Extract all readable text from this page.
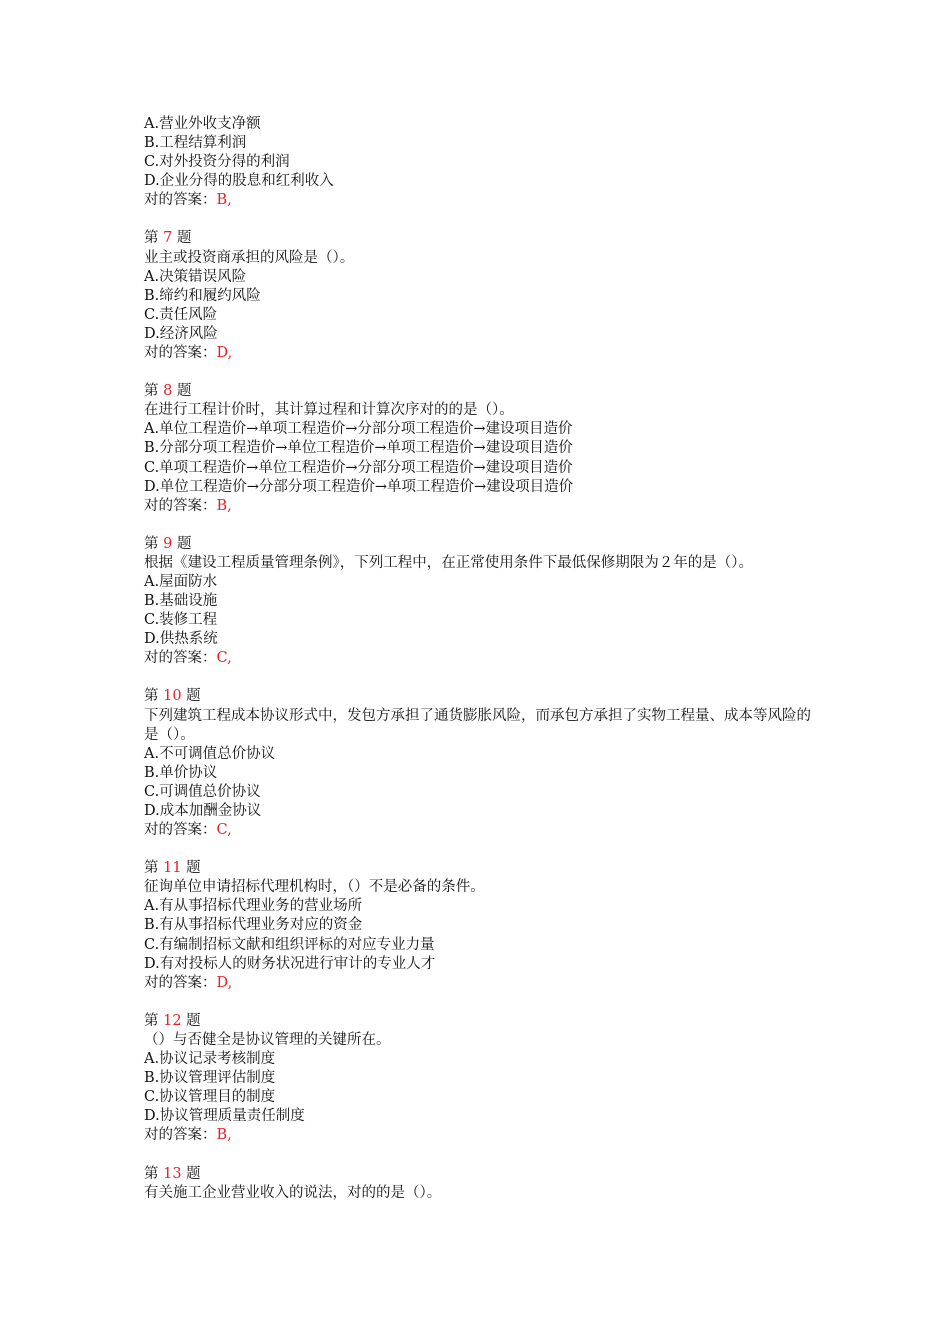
A.营业外收支净额
B.工程结算利润
C.对外投资分得的利润
D.企业分得的股息和红利收入
对的答案：B,
第 7 题
业主或投资商承担的风险是（）。
A.决策错误风险
B.缔约和履约风险
C.责任风险
D.经济风险
对的答案：D,
第 8 题
在进行工程计价时，其计算过程和计算次序对的的是（）。
A.单位工程造价→单项工程造价→分部分项工程造价→建设项目造价
B.分部分项工程造价→单位工程造价→单项工程造价→建设项目造价
C.单项工程造价→单位工程造价→分部分项工程造价→建设项目造价
D.单位工程造价→分部分项工程造价→单项工程造价→建设项目造价
对的答案：B,
第 9 题
根据《建设工程质量管理条例》，下列工程中，在正常使用条件下最低保修期限为２年的是（）。
A.屋面防水
B.基础设施
C.装修工程
D.供热系统
对的答案：C,
第 10 题
下列建筑工程成本协议形式中，发包方承担了通货膨胀风险，而承包方承担了实物工程量、成本等风险的是（）。
A.不可调值总价协议
B.单价协议
C.可调值总价协议
D.成本加酬金协议
对的答案：C,
第 11 题
征询单位申请招标代理机构时，（）不是必备的条件。
A.有从事招标代理业务的营业场所
B.有从事招标代理业务对应的资金
C.有编制招标文献和组织评标的对应专业力量
D.有对投标人的财务状况进行审计的专业人才
对的答案：D,
第 12 题
（）与否健全是协议管理的关键所在。
A.协议记录考核制度
B.协议管理评估制度
C.协议管理目的制度
D.协议管理质量责任制度
对的答案：B,
第 13 题
有关施工企业营业收入的说法，对的的是（）。
